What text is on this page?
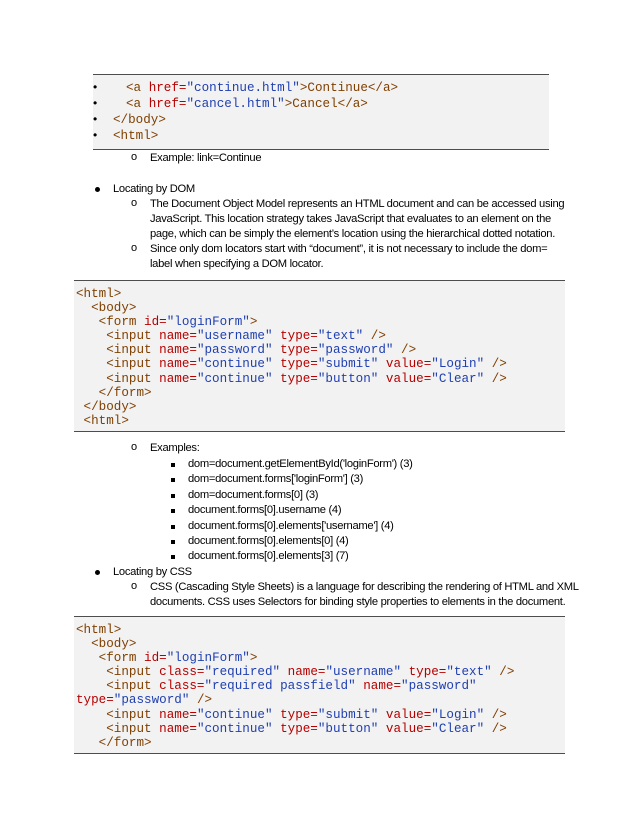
•

<a href="continue.html">Continue</a>

•

<a href="cancel.html">Cancel</a>

•

</body>

•

<html>

o Example: link=Continue
Locating by DOM
o The Document Object Model represents an HTML document and can be accessed using
JavaScript. This location strategy takes JavaScript that evaluates to an element on the
page, which can be simply the element’s location using the hierarchical dotted notation.
o Since only dom locators start with “document”, it is not necessary to include the dom=
label when specifying a DOM locator.

<html>

<body>

<form id="loginForm">

<input name="username" type="text" />

<input name="password" type="password" />

<input name="continue" type="submit" value="Login" />

<input name="continue" type="button" value="Clear" />

</form>

</body>

<html>

o Examples:
dom=document.getElementById('loginForm') (3)
dom=document.forms['loginForm'] (3)
dom=document.forms[0] (3)
document.forms[0].username (4)
document.forms[0].elements['username'] (4)
document.forms[0].elements[0] (4)
document.forms[0].elements[3] (7)
Locating by CSS
o CSS (Cascading Style Sheets) is a language for describing the rendering of HTML and XML
documents. CSS uses Selectors for binding style properties to elements in the document.

<html>

<body>

<form id="loginForm">

<input class="required" name="username" type="text" />

<input class="required passfield" name="password"

type="password" />

<input name="continue" type="submit" value="Login" />

<input name="continue" type="button" value="Clear" />

</form>
